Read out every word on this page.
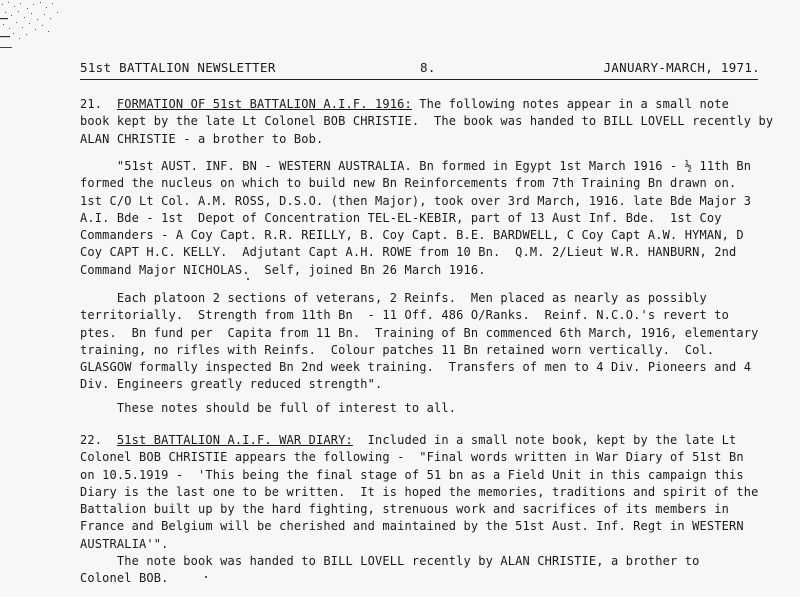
51st BATTALION NEWSLETTER	8.	JANUARY-MARCH, 1971.
21. FORMATION OF 51st BATTALION A.I.F. 1916: The following notes appear in a small note
book kept by the late Lt Colonel BOB CHRISTIE.  The book was handed to BILL LOVELL recently by
ALAN CHRISTIE - a brother to Bob.
"51st AUST. INF. BN - WESTERN AUSTRALIA. Bn formed in Egypt 1st March 1916 - ½ 11th Bn
formed the nucleus on which to build new Bn Reinforcements from 7th Training Bn drawn on.
1st C/O Lt Col. A.M. ROSS, D.S.O. (then Major), took over 3rd March, 1916. late Bde Major 3
A.I. Bde - 1st  Depot of Concentration TEL-EL-KEBIR, part of 13 Aust Inf. Bde.  1st Coy
Commanders - A Coy Capt. R.R. REILLY, B. Coy Capt. B.E. BARDWELL, C Coy Capt A.W. HYMAN, D
Coy CAPT H.C. KELLY.  Adjutant Capt A.H. ROWE from 10 Bn.  Q.M. 2/Lieut W.R. HANBURN, 2nd
Command Major NICHOLAS.  Self, joined Bn 26 March 1916.
Each platoon 2 sections of veterans, 2 Reinfs.  Men placed as nearly as possibly
territorially.  Strength from 11th Bn  - 11 Off. 486 O/Ranks.  Reinf. N.C.O.'s revert to
ptes.  Bn fund per  Capita from 11 Bn.  Training of Bn commenced 6th March, 1916, elementary
training, no rifles with Reinfs.  Colour patches 11 Bn retained worn vertically.  Col.
GLASGOW formally inspected Bn 2nd week training.  Transfers of men to 4 Div. Pioneers and 4
Div. Engineers greatly reduced strength".
These notes should be full of interest to all.
22. 51st BATTALION A.I.F. WAR DIARY:  Included in a small note book, kept by the late Lt
Colonel BOB CHRISTIE appears the following -  "Final words written in War Diary of 51st Bn
on 10.5.1919 -  'This being the final stage of 51 bn as a Field Unit in this campaign this
Diary is the last one to be written.  It is hoped the memories, traditions and spirit of the
Battalion built up by the hard fighting, strenuous work and sacrifices of its members in
France and Belgium will be cherished and maintained by the 51st Aust. Inf. Regt in WESTERN
AUSTRALIA'".
The note book was handed to BILL LOVELL recently by ALAN CHRISTIE, a brother to
Colonel BOB.
